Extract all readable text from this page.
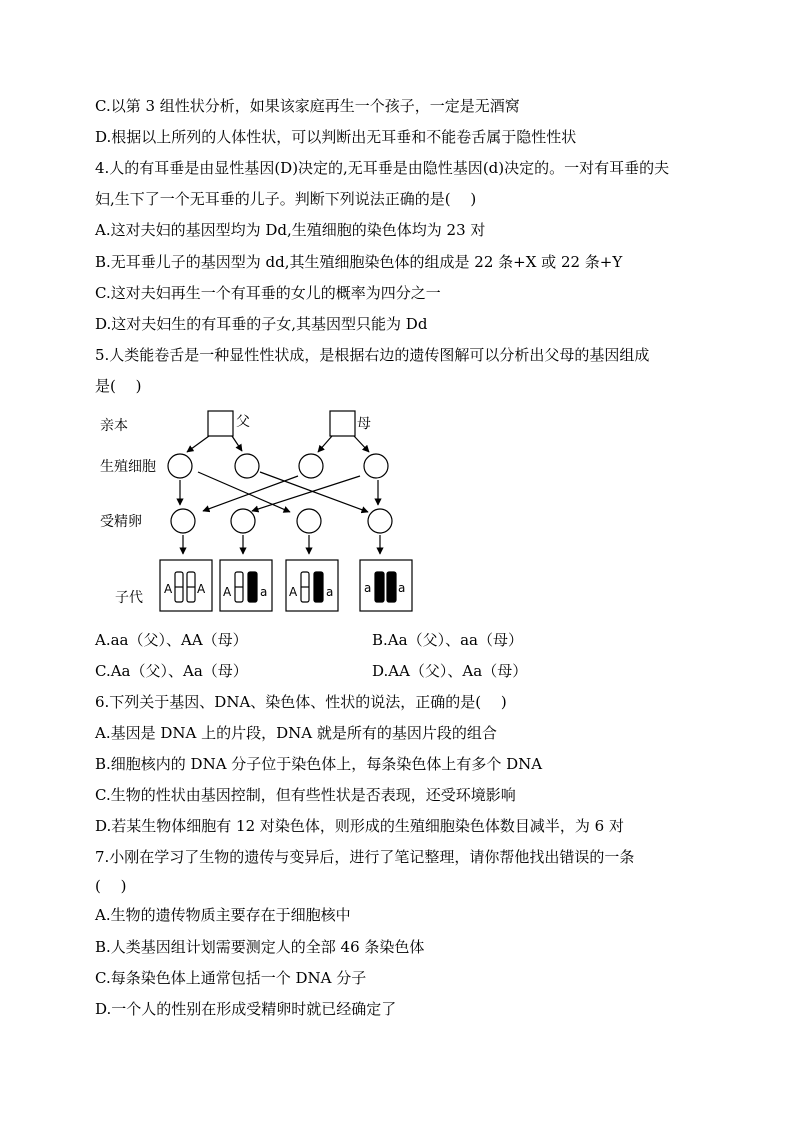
C.以第 3 组性状分析，如果该家庭再生一个孩子，一定是无酒窝
D.根据以上所列的人体性状，可以判断出无耳垂和不能卷舌属于隐性性状
4.人的有耳垂是由显性基因(D)决定的,无耳垂是由隐性基因(d)决定的。一对有耳垂的夫
妇,生下了一个无耳垂的儿子。判断下列说法正确的是(　 )
A.这对夫妇的基因型均为 Dd,生殖细胞的染色体均为 23 对
B.无耳垂儿子的基因型为 dd,其生殖细胞染色体的组成是 22 条+X 或 22 条+Y
C.这对夫妇再生一个有耳垂的女儿的概率为四分之一
D.这对夫妇生的有耳垂的子女,其基因型只能为 Dd
5.人类能卷舌是一种显性性状成，是根据右边的遗传图解可以分析出父母的基因组成
是(　 )
亲本
生殖细胞
受精卵
子代
父	母
A A A a A a	a a
A.aa（父）、AA（母）	B.Aa（父）、aa（母）
C.Aa（父）、Aa（母）	D.AA（父）、Aa（母）
6.下列关于基因、DNA、染色体、性状的说法，正确的是(　 )
A.基因是 DNA 上的片段，DNA 就是所有的基因片段的组合
B.细胞核内的 DNA 分子位于染色体上，每条染色体上有多个 DNA
C.生物的性状由基因控制，但有些性状是否表现，还受环境影响
D.若某生物体细胞有 12 对染色体，则形成的生殖细胞染色体数目减半，为 6 对
7.小刚在学习了生物的遗传与变异后，进行了笔记整理，请你帮他找出错误的一条
(　 )
A.生物的遗传物质主要存在于细胞核中
B.人类基因组计划需要测定人的全部 46 条染色体
C.每条染色体上通常包括一个 DNA 分子
D.一个人的性别在形成受精卵时就已经确定了
